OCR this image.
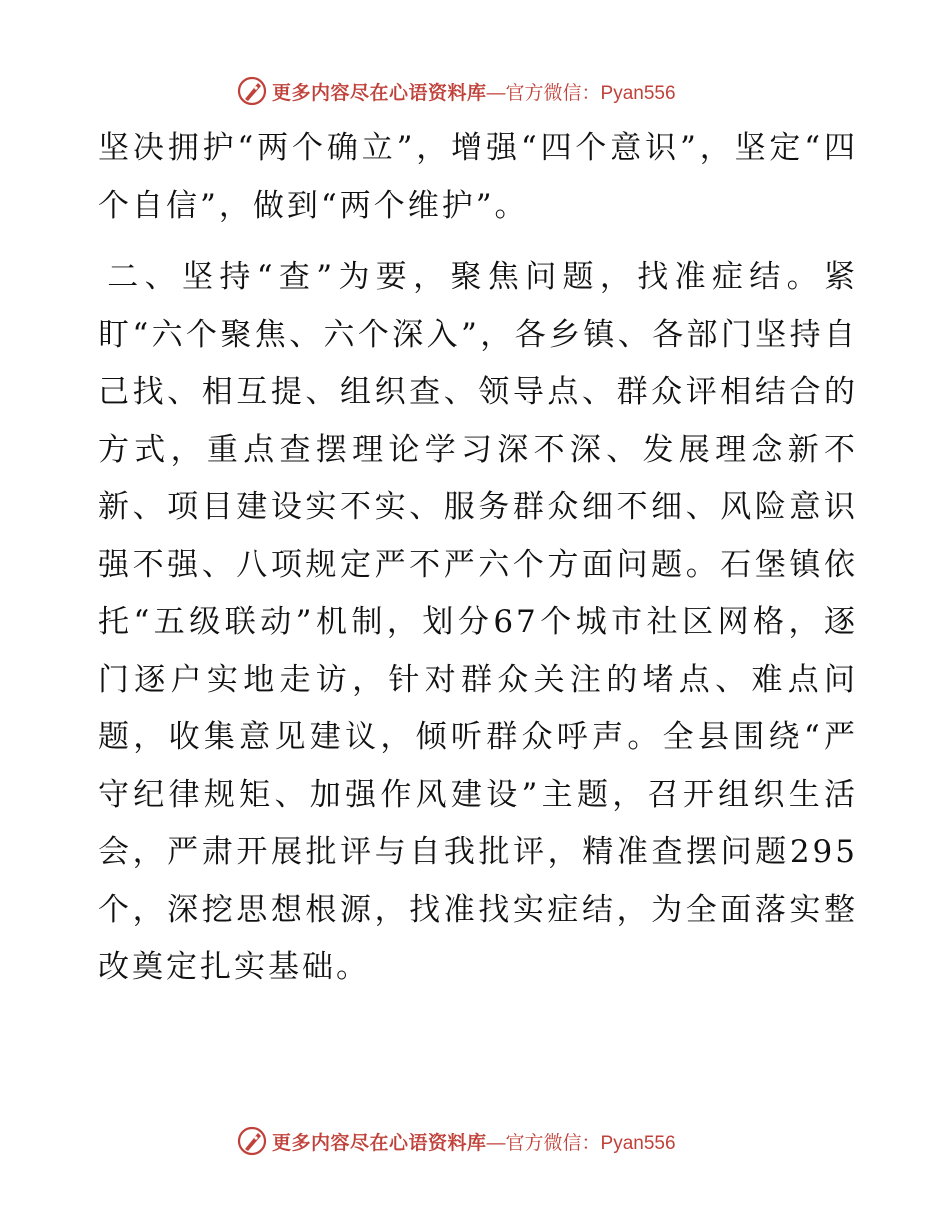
更多内容尽在心语资料库 —官方微信：Pyan556

坚决拥护“两个确立”，增强“四个意识”，坚定“四个自信”，做到“两个维护”。

二、坚持“查”为要，聚焦问题，找准症结。紧盯“六个聚焦、六个深入”，各乡镇、各部门坚持自己找、相互提、组织查、领导点、群众评相结合的方式，重点查摆理论学习深不深、发展理念新不新、项目建设实不实、服务群众细不细、风险意识强不强、八项规定严不严六个方面问题。石堡镇依托“五级联动”机制，划分67个城市社区网格，逐门逐户实地走访，针对群众关注的堵点、难点问题，收集意见建议，倾听群众呼声。全县围绕“严守纪律规矩、加强作风建设”主题，召开组织生活会，严肃开展批评与自我批评，精准查摆问题295个，深挖思想根源，找准找实症结，为全面落实整改奠定扎实基础。

更多内容尽在心语资料库 —官方微信：Pyan556
